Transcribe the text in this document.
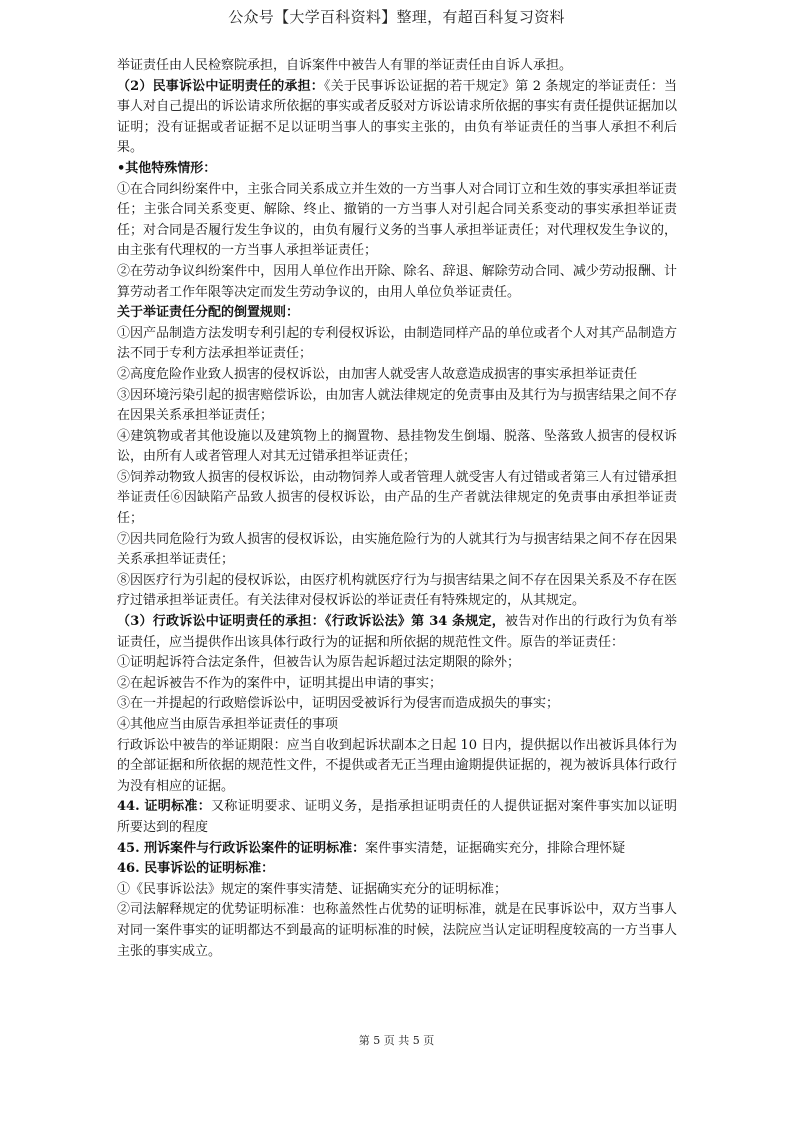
公众号【大学百科资料】整理，有超百科复习资料

举证责任由人民检察院承担，自诉案件中被告人有罪的举证责任由自诉人承担。

（2）民事诉讼中证明责任的承担：《关于民事诉讼证据的若干规定》第 2 条规定的举证责任：当事人对自己提出的诉讼请求所依据的事实或者反驳对方诉讼请求所依据的事实有责任提供证据加以证明；没有证据或者证据不足以证明当事人的事实主张的，由负有举证责任的当事人承担不利后果。

•其他特殊情形：

①在合同纠纷案件中，主张合同关系成立并生效的一方当事人对合同订立和生效的事实承担举证责任；主张合同关系变更、解除、终止、撤销的一方当事人对引起合同关系变动的事实承担举证责任；对合同是否履行发生争议的，由负有履行义务的当事人承担举证责任；对代理权发生争议的，由主张有代理权的一方当事人承担举证责任；

②在劳动争议纠纷案件中，因用人单位作出开除、除名、辞退、解除劳动合同、减少劳动报酬、计算劳动者工作年限等决定而发生劳动争议的，由用人单位负举证责任。

关于举证责任分配的倒置规则：

①因产品制造方法发明专利引起的专利侵权诉讼，由制造同样产品的单位或者个人对其产品制造方法不同于专利方法承担举证责任；

②高度危险作业致人损害的侵权诉讼，由加害人就受害人故意造成损害的事实承担举证责任

③因环境污染引起的损害赔偿诉讼，由加害人就法律规定的免责事由及其行为与损害结果之间不存在因果关系承担举证责任；

④建筑物或者其他设施以及建筑物上的搁置物、悬挂物发生倒塌、脱落、坠落致人损害的侵权诉讼，由所有人或者管理人对其无过错承担举证责任；

⑤饲养动物致人损害的侵权诉讼，由动物饲养人或者管理人就受害人有过错或者第三人有过错承担举证责任⑥因缺陷产品致人损害的侵权诉讼，由产品的生产者就法律规定的免责事由承担举证责任；

⑦因共同危险行为致人损害的侵权诉讼，由实施危险行为的人就其行为与损害结果之间不存在因果关系承担举证责任；

⑧因医疗行为引起的侵权诉讼，由医疗机构就医疗行为与损害结果之间不存在因果关系及不存在医疗过错承担举证责任。有关法律对侵权诉讼的举证责任有特殊规定的，从其规定。

（3）行政诉讼中证明责任的承担：《行政诉讼法》第 34 条规定，被告对作出的行政行为负有举证责任，应当提供作出该具体行政行为的证据和所依据的规范性文件。原告的举证责任：

①证明起诉符合法定条件，但被告认为原告起诉超过法定期限的除外；

②在起诉被告不作为的案件中，证明其提出申请的事实；

③在一并提起的行政赔偿诉讼中，证明因受被诉行为侵害而造成损失的事实；

④其他应当由原告承担举证责任的事项

行政诉讼中被告的举证期限：应当自收到起诉状副本之日起 10 日内，提供据以作出被诉具体行为的全部证据和所依据的规范性文件，不提供或者无正当理由逾期提供证据的，视为被诉具体行政行为没有相应的证据。

44. 证明标准：又称证明要求、证明义务，是指承担证明责任的人提供证据对案件事实加以证明所要达到的程度

45. 刑诉案件与行政诉讼案件的证明标准：案件事实清楚，证据确实充分，排除合理怀疑

46. 民事诉讼的证明标准：

①《民事诉讼法》规定的案件事实清楚、证据确实充分的证明标准；

②司法解释规定的优势证明标准：也称盖然性占优势的证明标准，就是在民事诉讼中，双方当事人对同一案件事实的证明都达不到最高的证明标准的时候，法院应当认定证明程度较高的一方当事人主张的事实成立。

第 5 页 共 5 页
